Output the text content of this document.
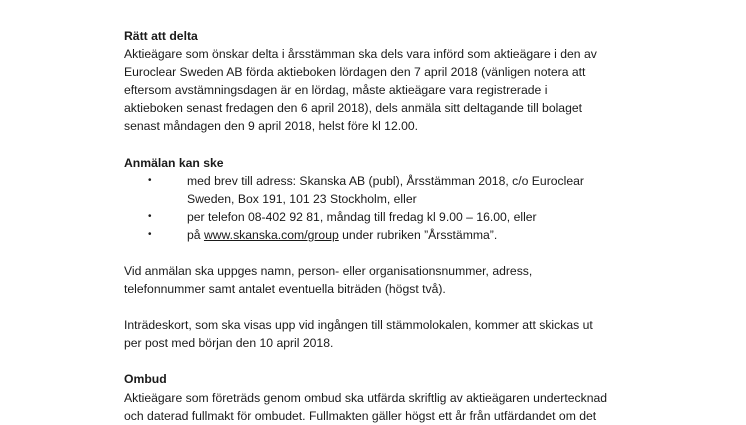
Rätt att delta

Aktieägare som önskar delta i årsstämman ska dels vara införd som aktieägare i den av

Euroclear Sweden AB förda aktieboken lördagen den 7 april 2018 (vänligen notera att

eftersom avstämningsdagen är en lördag, måste aktieägare vara registrerade i

aktieboken senast fredagen den 6 april 2018), dels anmäla sitt deltagande till bolaget

senast måndagen den 9 april 2018, helst före kl 12.00.

Anmälan kan ske

•	med brev till adress: Skanska AB (publ), Årsstämman 2018, c/o Euroclear
Sweden, Box 191, 101 23 Stockholm, eller
•	per telefon 08-402 92 81, måndag till fredag kl 9.00 – 16.00, eller
•	på www.skanska.com/group under rubriken ”Årsstämma”.

Vid anmälan ska uppges namn, person- eller organisationsnummer, adress,

telefonnummer samt antalet eventuella biträden (högst två).

Inträdeskort, som ska visas upp vid ingången till stämmolokalen, kommer att skickas ut

per post med början den 10 april 2018.

Ombud

Aktieägare som företräds genom ombud ska utfärda skriftlig av aktieägaren undertecknad

och daterad fullmakt för ombudet. Fullmakten gäller högst ett år från utfärdandet om det
